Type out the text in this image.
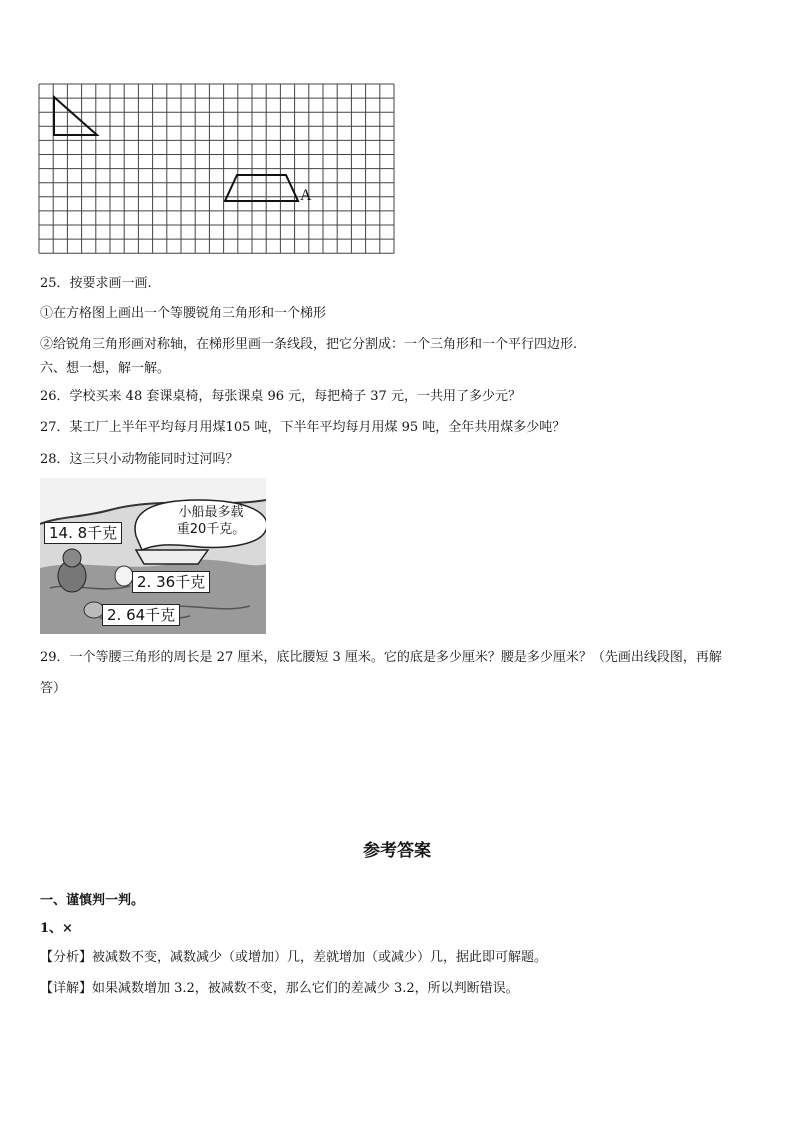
A
25．按要求画一画.
①在方格图上画出一个等腰锐角三角形和一个梯形
②给锐角三角形画对称轴，在梯形里画一条线段，把它分割成：一个三角形和一个平行四边形.
六、想一想，解一解。
26．学校买来 48 套课桌椅，每张课桌 96 元，每把椅子 37 元，一共用了多少元？
27．某工厂上半年平均每月用煤105 吨，下半年平均每月用煤 95 吨，全年共用煤多少吨？
28．这三只小动物能同时过河吗？
小船最多载
重20千克。
14. 8千克
2. 36千克
2. 64千克
29．一个等腰三角形的周长是 27 厘米，底比腰短 3 厘米。它的底是多少厘米？腰是多少厘米？（先画出线段图，再解
答）
参考答案
一、谨慎判一判。
1、×
【分析】被减数不变，减数减少（或增加）几，差就增加（或减少）几，据此即可解题。
【详解】如果减数增加 3.2，被减数不变，那么它们的差减少 3.2，所以判断错误。
